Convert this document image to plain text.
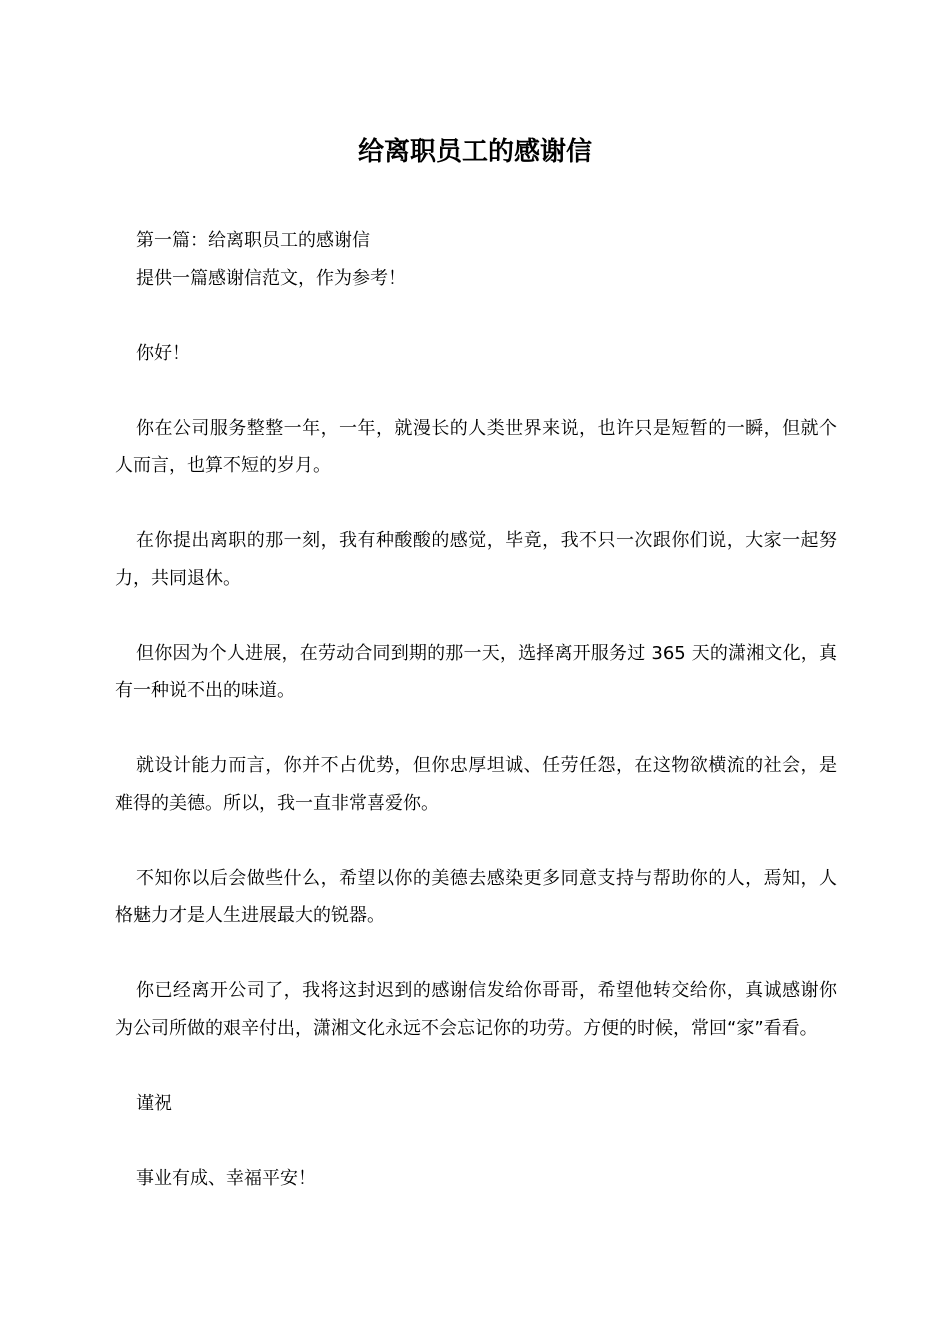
给离职员工的感谢信

第一篇：给离职员工的感谢信

提供一篇感谢信范文，作为参考！

你好！

你在公司服务整整一年，一年，就漫长的人类世界来说，也许只是短暂的一瞬，但就个人而言，也算不短的岁月。

在你提出离职的那一刻，我有种酸酸的感觉，毕竟，我不只一次跟你们说，大家一起努力，共同退休。

但你因为个人进展，在劳动合同到期的那一天，选择离开服务过 365 天的潇湘文化，真有一种说不出的味道。

就设计能力而言，你并不占优势，但你忠厚坦诚、任劳任怨，在这物欲横流的社会，是难得的美德。所以，我一直非常喜爱你。

不知你以后会做些什么，希望以你的美德去感染更多同意支持与帮助你的人，焉知，人格魅力才是人生进展最大的锐器。

你已经离开公司了，我将这封迟到的感谢信发给你哥哥，希望他转交给你，真诚感谢你为公司所做的艰辛付出，潇湘文化永远不会忘记你的功劳。方便的时候，常回“家”看看。

谨祝

事业有成、幸福平安！
